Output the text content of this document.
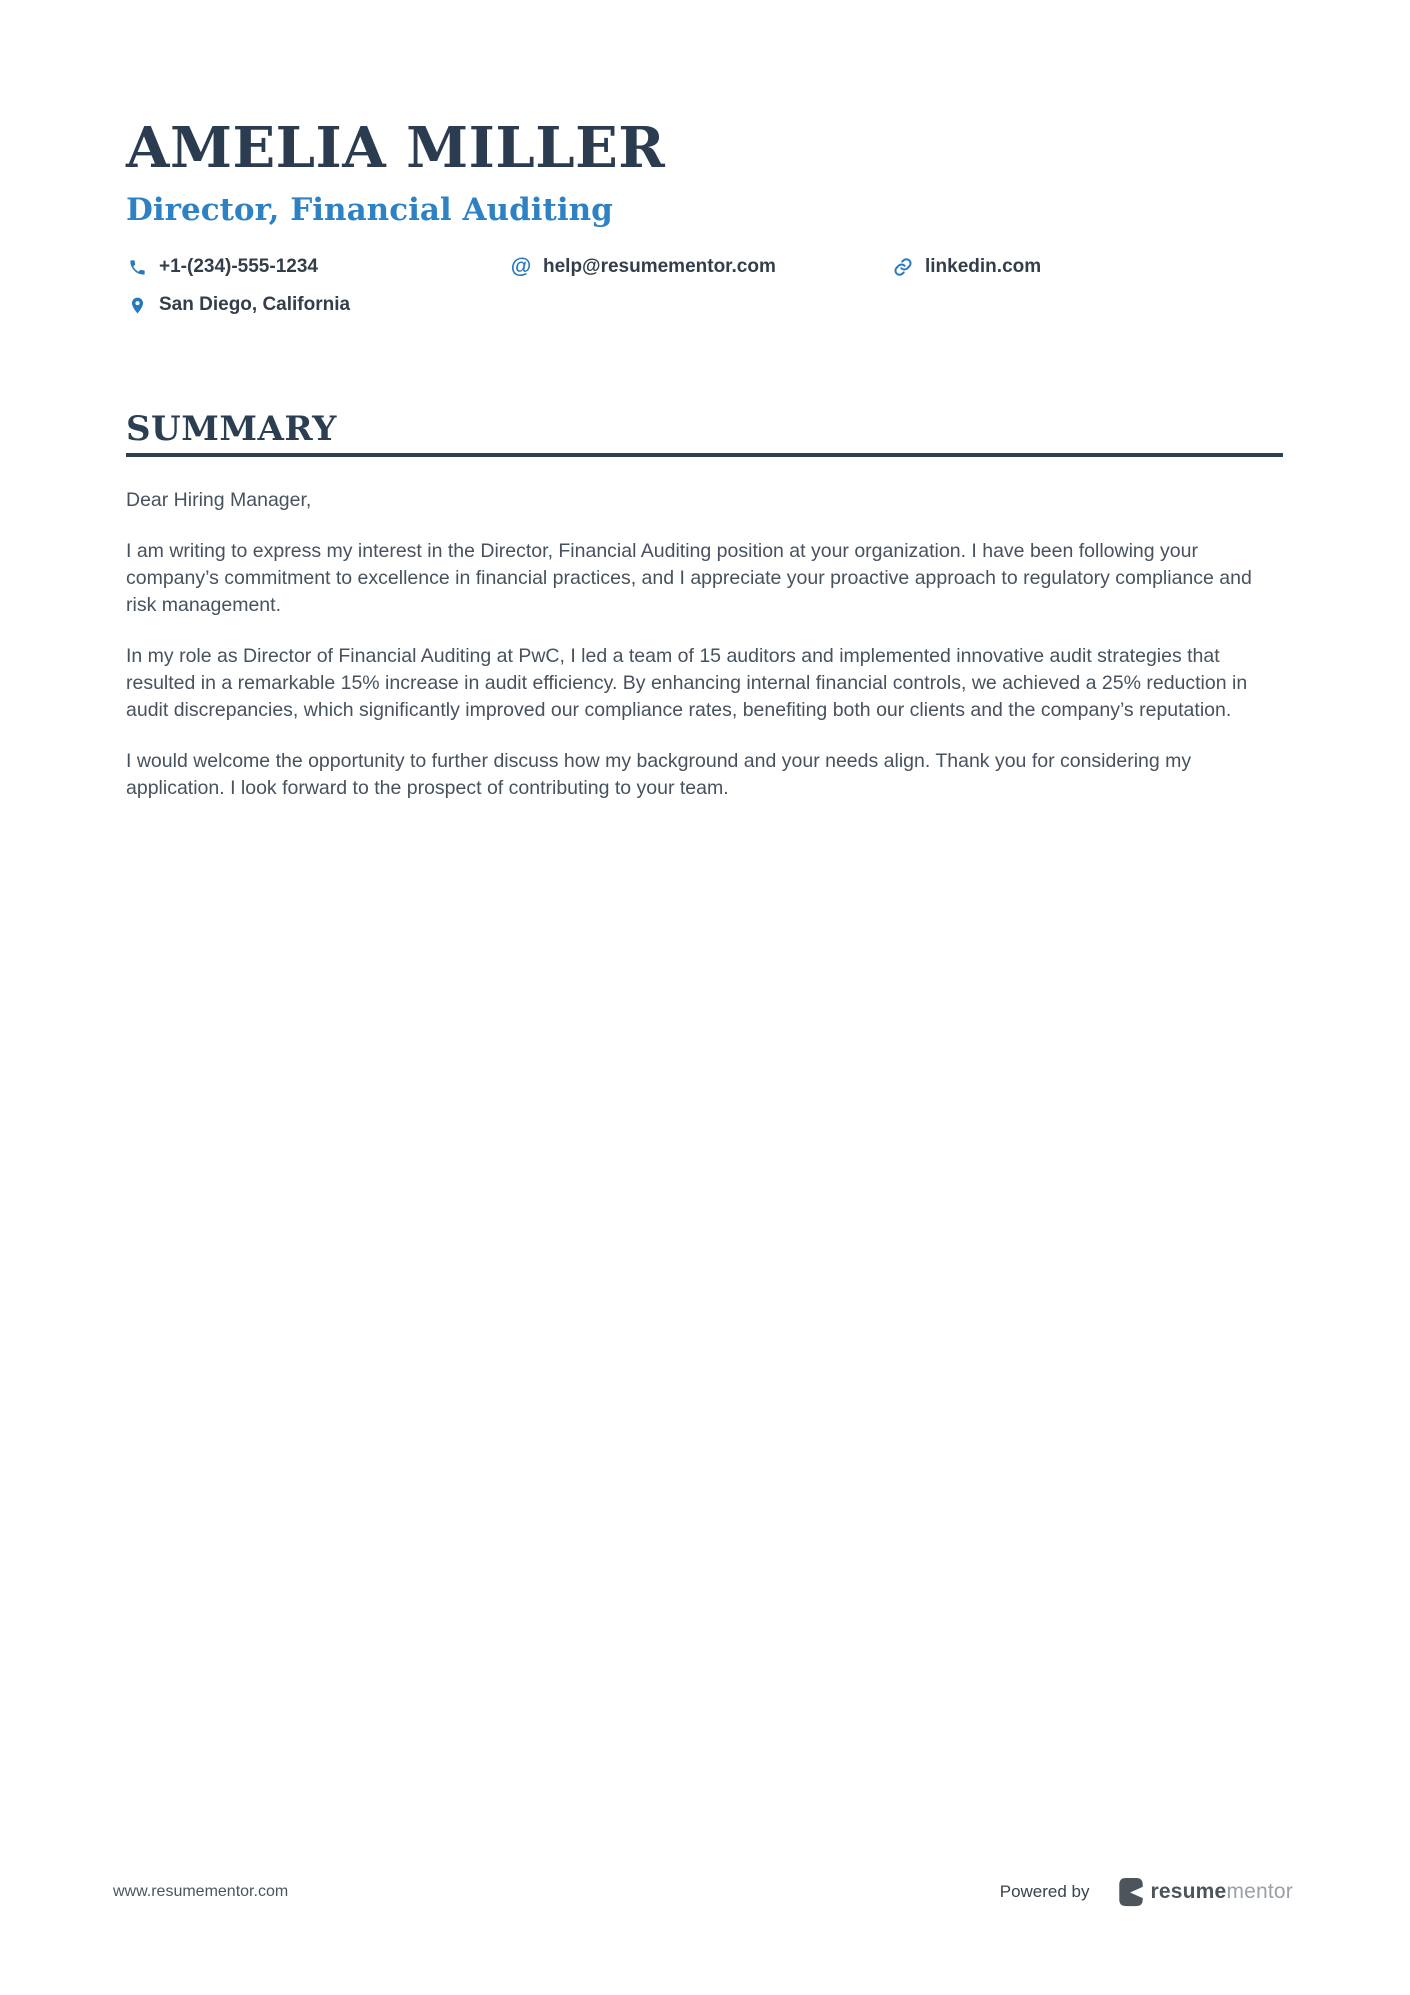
AMELIA MILLER
Director, Financial Auditing
+1-(234)-555-1234	@ help@resumementor.com	linkedin.com
San Diego, California
SUMMARY

Dear Hiring Manager,

I am writing to express my interest in the Director, Financial Auditing position at your organization. I have been following your company’s commitment to excellence in financial practices, and I appreciate your proactive approach to regulatory compliance and risk management.

In my role as Director of Financial Auditing at PwC, I led a team of 15 auditors and implemented innovative audit strategies that resulted in a remarkable 15% increase in audit efficiency. By enhancing internal financial controls, we achieved a 25% reduction in audit discrepancies, which significantly improved our compliance rates, benefiting both our clients and the company’s reputation.

I would welcome the opportunity to further discuss how my background and your needs align. Thank you for considering my application. I look forward to the prospect of contributing to your team.

www.resumementor.com	Powered by	resumementor
